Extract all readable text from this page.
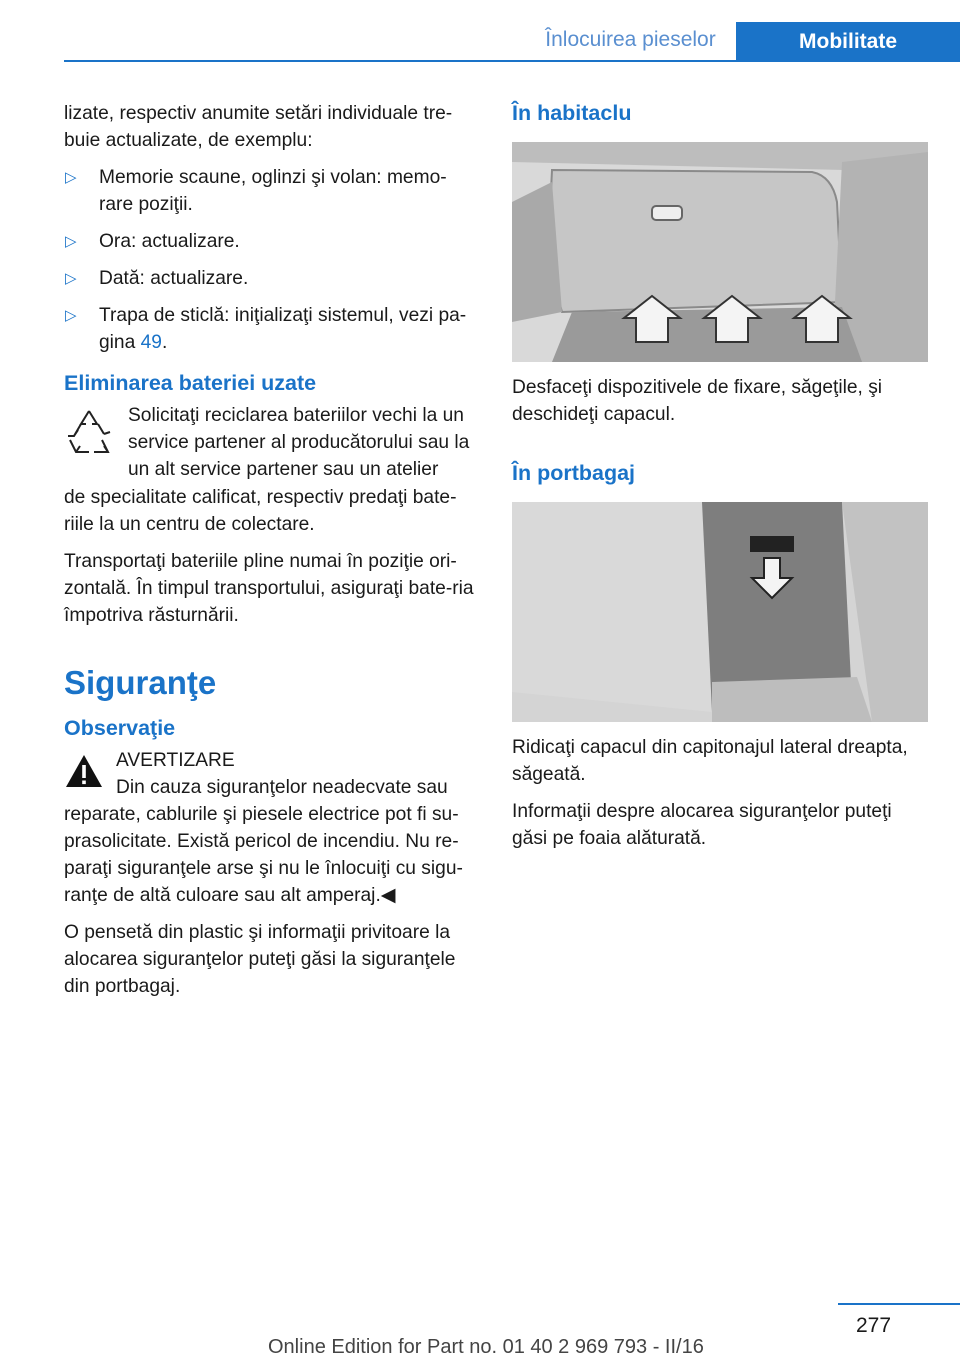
Înlocuirea pieselor	Mobilitate

lizate, respectiv anumite setări individuale tre-buie actualizate, de exemplu:

▷ Memorie scaune, oglinzi şi volan: memo-rare poziţii.
▷ Ora: actualizare.
▷ Dată: actualizare.
▷ Trapa de sticlă: iniţializaţi sistemul, vezi pa-gina 49.
Eliminarea bateriei uzate

Solicitaţi reciclarea bateriilor vechi la un service partener al producătorului sau la un alt service partener sau un atelier

de specialitate calificat, respectiv predaţi bate-riile la un centru de colectare.

Transportaţi bateriile pline numai în poziţie ori-zontală. În timpul transportului, asiguraţi bate-ria împotriva răsturnării.

Siguranţe
Observaţie
AVERTIZARE
Din cauza siguranţelor neadecvate sau

reparate, cablurile şi piesele electrice pot fi su-prasolicitate. Există pericol de incendiu. Nu re-paraţi siguranţele arse şi nu le înlocuiţi cu sigu-ranţe de altă culoare sau alt amperaj.◀

O pensetă din plastic şi informaţii privitoare la alocarea siguranţelor puteţi găsi la siguranţele din portbagaj.

În habitaclu

Desfaceţi dispozitivele de fixare, săgeţile, şi deschideţi capacul.

În portbagaj

Ridicaţi capacul din capitonajul lateral dreapta, săgeată.

Informaţii despre alocarea siguranţelor puteţi găsi pe foaia alăturată.

277
Online Edition for Part no. 01 40 2 969 793 - II/16
